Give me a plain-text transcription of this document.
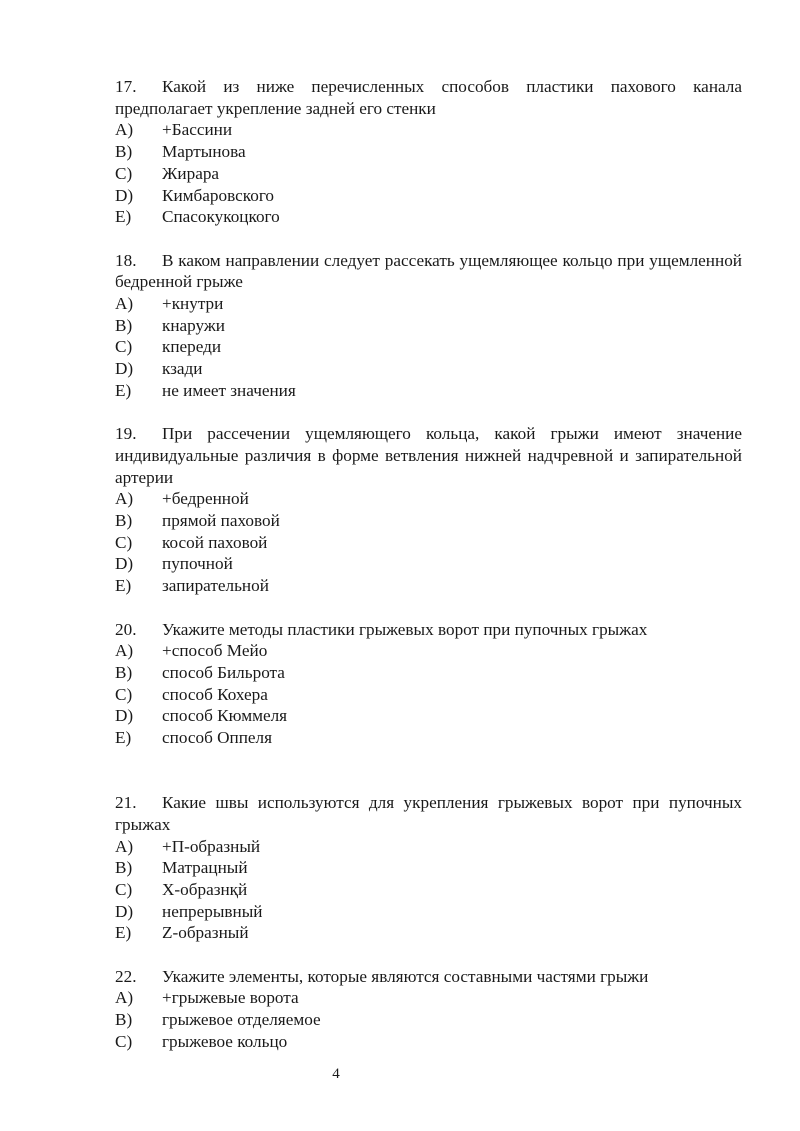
17. Какой из ниже перечисленных способов пластики пахового канала предполагает укрепление задней его стенки
A)	+Бассини
B)	Мартынова
C)	Жирара
D)	Кимбаровского
E)	Спасокукоцкого
18. В каком направлении следует рассекать ущемляющее кольцо при ущемленной бедренной грыже
A)	+кнутри
B)	кнаружи
C)	кпереди
D)	кзади
E)	не имеет значения
19. При рассечении ущемляющего кольца, какой грыжи имеют значение индивидуальные различия в форме ветвления нижней надчревной и запирательной артерии
A)	+бедренной
B)	прямой паховой
C)	косой паховой
D)	пупочной
E)	запирательной
20. Укажите методы пластики грыжевых ворот при пупочных грыжах
A)	+способ Мейо
B)	способ Бильрота
C)	способ Кохера
D)	способ Кюммеля
E)	способ Оппеля
21. Какие швы используются для укрепления грыжевых ворот при пупочных грыжах
A)	+П-образный
B)	Матрацный
C)	Х-образнқй
D)	непрерывный
E)	Z-образный
22. Укажите элементы, которые являются составными частями грыжи
A)	+грыжевые ворота
B)	грыжевое отделяемое
C)	грыжевое кольцо
4
